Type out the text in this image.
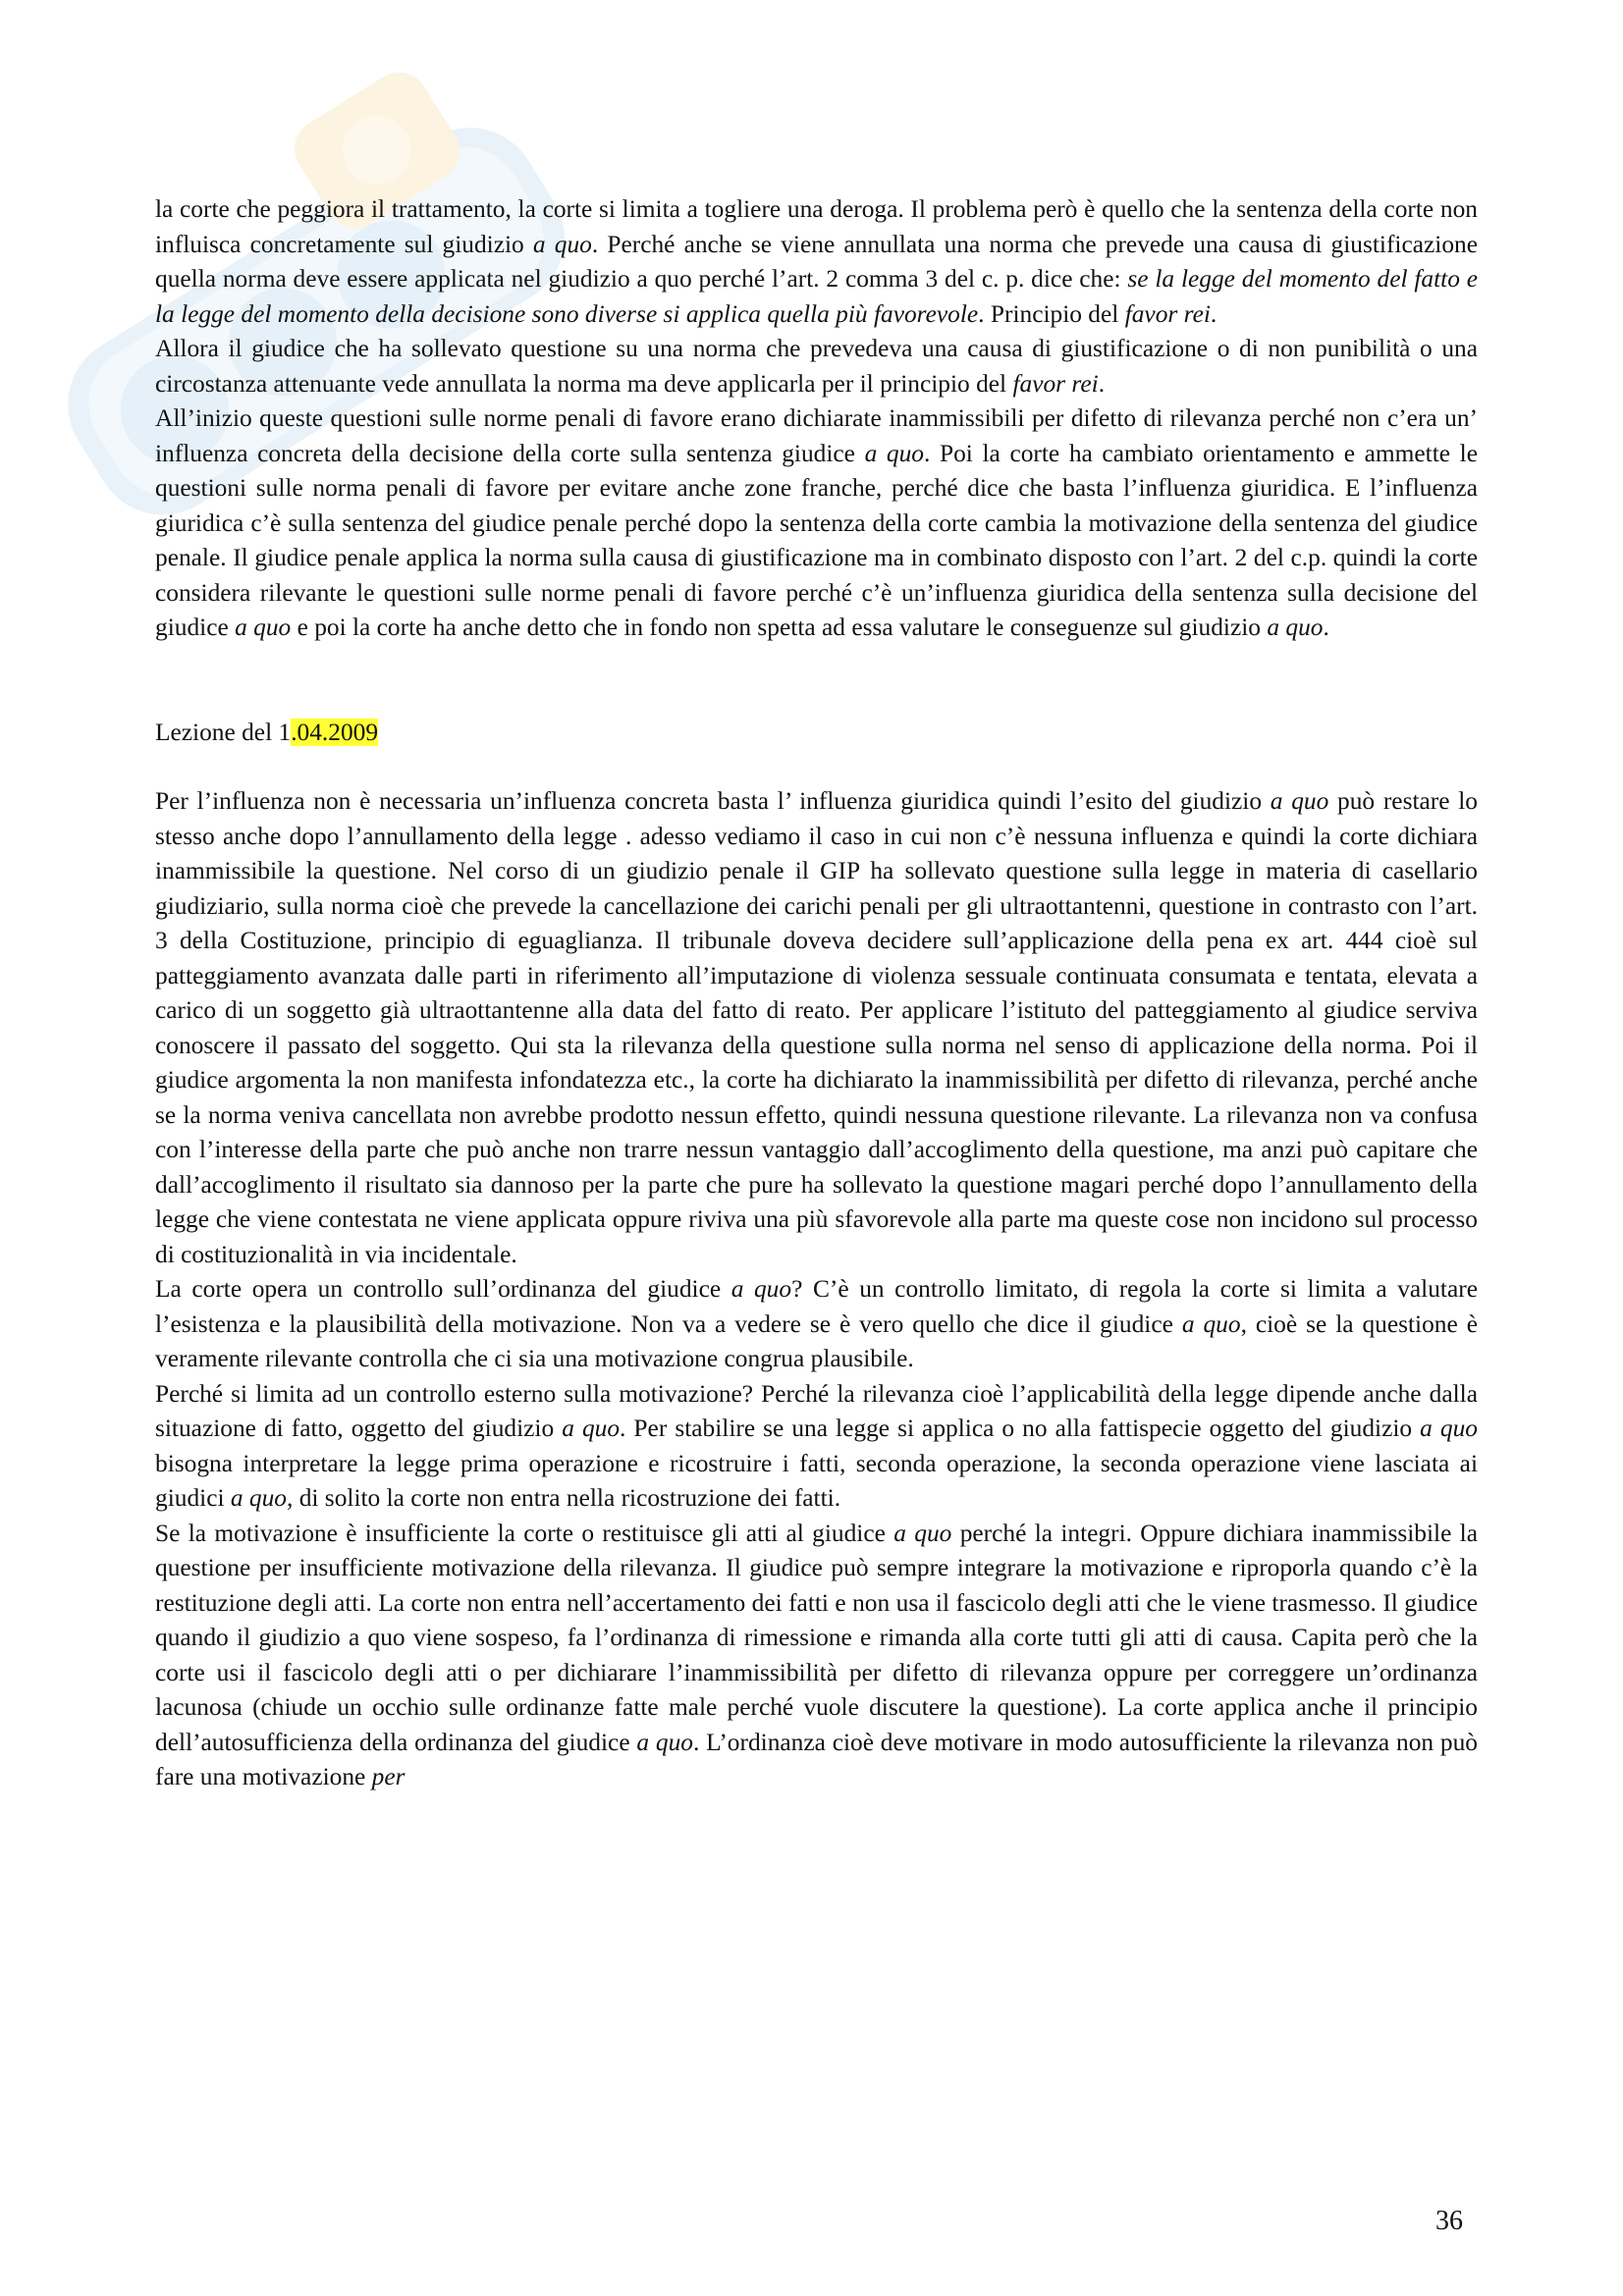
la corte che peggiora il trattamento, la corte si limita a togliere una deroga. Il problema però è quello che la sentenza della corte non influisca concretamente sul giudizio a quo. Perché anche se viene annullata una norma che prevede una causa di giustificazione quella norma deve essere applicata nel giudizio a quo perché l’art. 2 comma 3 del c. p. dice che: se la legge del momento del fatto e la legge del momento della decisione sono diverse si applica quella più favorevole. Principio del favor rei.

Allora il giudice che ha sollevato questione su una norma che prevedeva una causa di giustificazione o di non punibilità o una circostanza attenuante vede annullata la norma ma deve applicarla per il principio del favor rei.

All’inizio queste questioni sulle norme penali di favore erano dichiarate inammissibili per difetto di rilevanza perché non c’era un’ influenza concreta della decisione della corte sulla sentenza giudice a quo. Poi la corte ha cambiato orientamento e ammette le questioni sulle norma penali di favore per evitare anche zone franche, perché dice che basta l’influenza giuridica. E l’influenza giuridica c’è sulla sentenza del giudice penale perché dopo la sentenza della corte cambia la motivazione della sentenza del giudice penale. Il giudice penale applica la norma sulla causa di giustificazione ma in combinato disposto con l’art. 2 del c.p. quindi la corte considera rilevante le questioni sulle norme penali di favore perché c’è un’influenza giuridica della sentenza sulla decisione del giudice a quo e poi la corte ha anche detto che in fondo non spetta ad essa valutare le conseguenze sul giudizio a quo.

Lezione del 1.04.2009

Per l’influenza non è necessaria un’influenza concreta basta l’ influenza giuridica quindi l’esito del giudizio a quo può restare lo stesso anche dopo l’annullamento della legge . adesso vediamo il caso in cui non c’è nessuna influenza e quindi la corte dichiara inammissibile la questione. Nel corso di un giudizio penale il GIP ha sollevato questione sulla legge in materia di casellario giudiziario, sulla norma cioè che prevede la cancellazione dei carichi penali per gli ultraottantenni, questione in contrasto con l’art. 3 della Costituzione, principio di eguaglianza. Il tribunale doveva decidere sull’applicazione della pena ex art. 444 cioè sul patteggiamento avanzata dalle parti in riferimento all’imputazione di violenza sessuale continuata consumata e tentata, elevata a carico di un soggetto già ultraottantenne alla data del fatto di reato. Per applicare l’istituto del patteggiamento al giudice serviva conoscere il passato del soggetto. Qui sta la rilevanza della questione sulla norma nel senso di applicazione della norma. Poi il giudice argomenta la non manifesta infondatezza etc., la corte ha dichiarato la inammissibilità per difetto di rilevanza, perché anche se la norma veniva cancellata non avrebbe prodotto nessun effetto, quindi nessuna questione rilevante. La rilevanza non va confusa con l’interesse della parte che può anche non trarre nessun vantaggio dall’accoglimento della questione, ma anzi può capitare che dall’accoglimento il risultato sia dannoso per la parte che pure ha sollevato la questione magari perché dopo l’annullamento della legge che viene contestata ne viene applicata oppure riviva una più sfavorevole alla parte ma queste cose non incidono sul processo di costituzionalità in via incidentale.

La corte opera un controllo sull’ordinanza del giudice a quo? C’è un controllo limitato, di regola la corte si limita a valutare l’esistenza e la plausibilità della motivazione. Non va a vedere se è vero quello che dice il giudice a quo, cioè se la questione è veramente rilevante controlla che ci sia una motivazione congrua plausibile.

Perché si limita ad un controllo esterno sulla motivazione? Perché la rilevanza cioè l’applicabilità della legge dipende anche dalla situazione di fatto, oggetto del giudizio a quo. Per stabilire se una legge si applica o no alla fattispecie oggetto del giudizio a quo bisogna interpretare la legge prima operazione e ricostruire i fatti, seconda operazione, la seconda operazione viene lasciata ai giudici a quo, di solito la corte non entra nella ricostruzione dei fatti.

Se la motivazione è insufficiente la corte o restituisce gli atti al giudice a quo perché la integri. Oppure dichiara inammissibile la questione per insufficiente motivazione della rilevanza. Il giudice può sempre integrare la motivazione e riproporla quando c’è la restituzione degli atti. La corte non entra nell’accertamento dei fatti e non usa il fascicolo degli atti che le viene trasmesso. Il giudice quando il giudizio a quo viene sospeso, fa l’ordinanza di rimessione e rimanda alla corte tutti gli atti di causa. Capita però che la corte usi il fascicolo degli atti o per dichiarare l’inammissibilità per difetto di rilevanza oppure per correggere un’ordinanza lacunosa (chiude un occhio sulle ordinanze fatte male perché vuole discutere la questione). La corte applica anche il principio dell’autosufficienza della ordinanza del giudice a quo. L’ordinanza cioè deve motivare in modo autosufficiente la rilevanza non può fare una motivazione per

36
